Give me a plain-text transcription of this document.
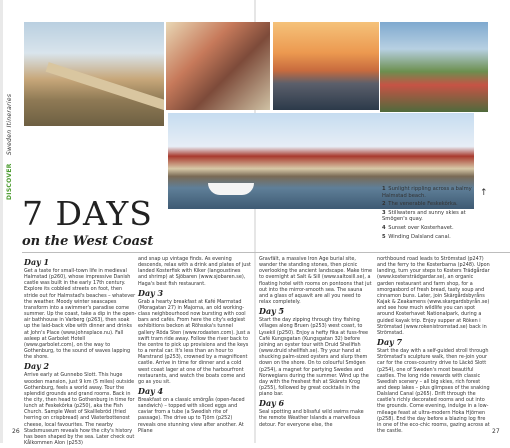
DISCOVER Sweden Itineraries
↑
1 Sunlight rippling across a balmy Halmstad beach.
2 The venerable Feskekôrka.
3 Stillwaters and sunny skies at Smögen's quay.
4 Sunset over Kosterhavet.
5 Winding Dalsland canal.
7 DAYS
on the West Coast
Day 1

Get a taste for small-town life in medieval Halmstad (p260), whose impressive Danish castle was built in the early 17th century. Explore its cobbled streets on foot, then stride out for Halmstad's beaches – whatever the weather. Moody winter seascapes transform into a swimmer's paradise come summer. Up the coast, take a dip in the open-air bathhouse in Varberg (p263), then soak up the laid-back vibe with dinner and drinks at John's Place (www.johnsplace.nu). Fall asleep at Garbolet Hotell (www.garbolet.com), on the way to Gothenburg, to the sound of waves lapping the shore.

Day 2

Arrive early at Gunnebo Slott. This huge wooden mansion, just 9 km (5 miles) outside Gothenburg, feels a world away. Tour the splendid grounds and grand rooms. Back in the city, then head to Gothenburg in time for lunch at Feskekôrka (p250), aka the Fish Church. Sample West of Skalllebröd (fried herring on crispbread) and Västerbottenost cheese, local favourites. The nearby Stadsmuseum reveals how the city's history has been shaped by the sea. Later check out Kålkommen Alon (p253)

and snap up vintage finds. As evening descends, relax with a drink and plates of just landed Kosterfisk with Kiker (langoustines and shrimp) at Sjöbaren (www.sjobaren.se), Haga's best fish restaurant.

Day 3

Grab a hearty breakfast at Kafé Marmstad (Moragatan 27) in Majorna, an old working-class neighbourhood now bursting with cool bars and cafés. From here the city's edgiest exhibitions beckon at Röhsska's tunnel gallery Röda Sten (www.rodasten.com). Just a swift tram ride away. Follow the river back to the centre to pick up provisions and the keys to a rental car. It's less than an hour to Marstrand (p253), crowned by a magnificent castle. Arrive in time for dinner and a cold west coast lager at one of the harbourfront restaurants, and watch the boats come and go as you sit.

Day 4

Breakfast on a classic smörgås (open-faced sandwich) – topped with sliced eggs and caviar from a tube (a Swedish rite of passage). The drive up to Tjörn (p252) reveals one stunning view after another. At Pilane

Gravfält, a massive Iron Age burial site, wander the standing stones, then picnic overlooking the ancient landscape. Make time to overnight at Salt & Sill (www.saltosill.se), a floating hotel with rooms on pontoons that jut out into the mirror-smooth sea. The sauna and a glass of aquavit are all you need to relax completely.

Day 5

Start the day zipping through tiny fishing villages along Bruen (p253) west coast, to Lysekil (p250). Enjoy a hefty fika at fuss-free Café Kungsgatan (Kungsgatan 32) before joining an oyster tour with Druid Shellfish (www.druid shellfish.se). Try your hand at shucking palm-sized oysters and slurp them down on the shore. On to colourful Smögen (p254), a magnet for partying Swedes and Norwegians during the summer. Wind up the day with the freshest fish at Skärets Krog (p255), followed by great cocktails in the piano bar.

Day 6

Seal spotting and blissful wild swims make the remote Weather Islands a marvellous detour. For everyone else, the

northbound road leads to Strömstad (p247) and the ferry to the Kosterbarna (p248). Upon landing, turn your steps to Kosters Trädgårdar (www.kostersträdgardar.se), an organic garden restaurant and farm shop, for a smorgasbord of fresh bread, tasty soup and cinnamon buns. Later, join Skärgårdsbyråns Kajak & Zeakamens (www.skargardsbyrån.se) and see how much wildlife you can spot around Kosterhavet Nationalpark, during a guided kayak trip. Enjoy supper at Röken i Strömstad (www.rokenistromstad.se) back in Strömstad.

Day 7

Start the day with a self-guided stroll through Strömstad's sculpture walk, then re-join your car for the cross-country drive to Läckö Slott (p254), one of Sweden's most beautiful castles. The long ride rewards with classic Swedish scenery – all big skies, rich forest and deep lakes – plus glimpses of the snaking Dalsland Canal (p265). Drift through the castle's richly decorated rooms and out into the grounds. Come evening, indulge in a low-mileage feast at ultra-modern Hoka Hjörnen (p258). End the day before a blazing log fire in one of the eco-chic rooms, gazing across at the castle.

26	27
